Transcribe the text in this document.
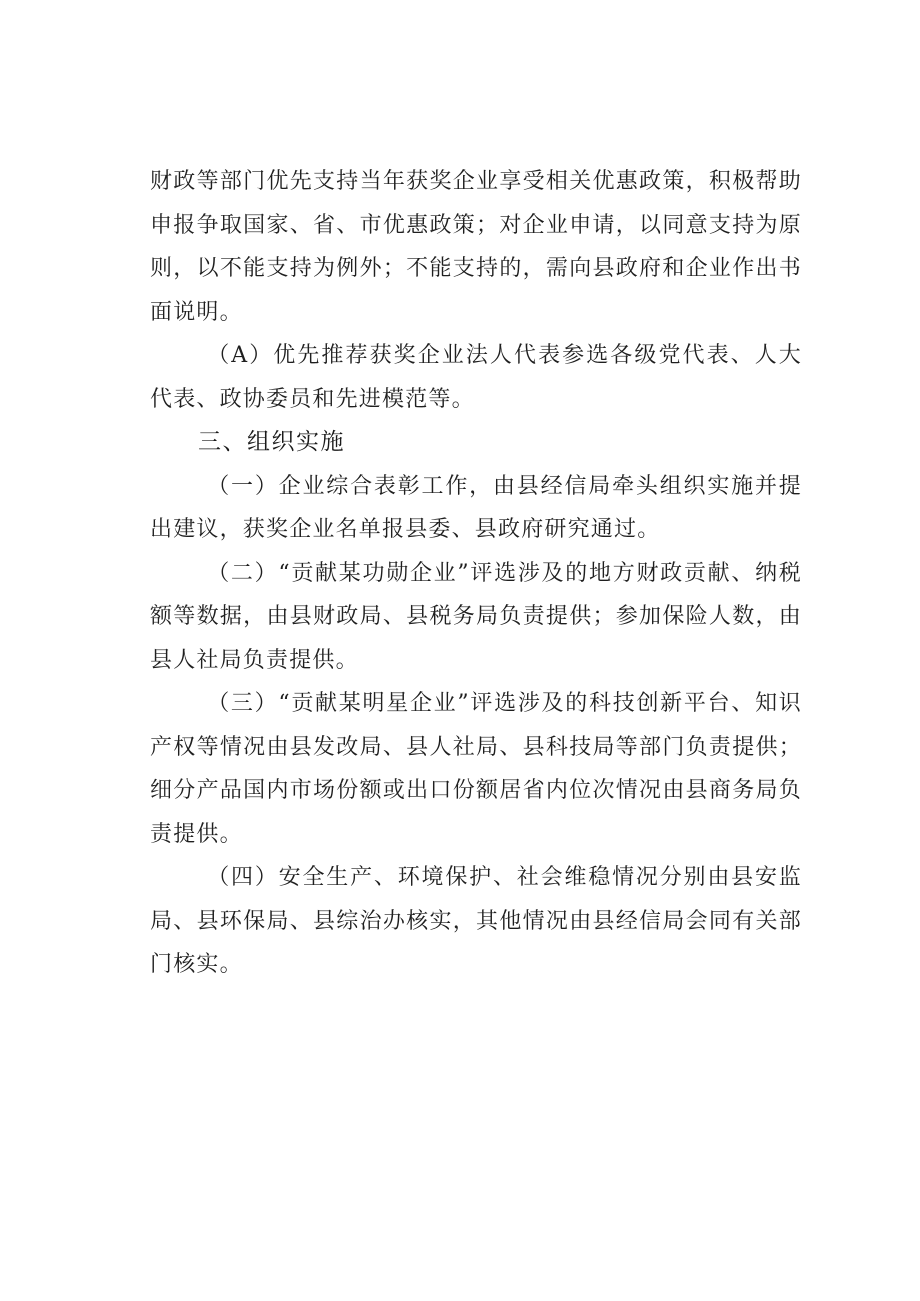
财政等部门优先支持当年获奖企业享受相关优惠政策，积极帮助申报争取国家、省、市优惠政策；对企业申请，以同意支持为原则，以不能支持为例外；不能支持的，需向县政府和企业作出书面说明。

（A）优先推荐获奖企业法人代表参选各级党代表、人大代表、政协委员和先进模范等。

三、组织实施

（一）企业综合表彰工作，由县经信局牵头组织实施并提出建议，获奖企业名单报县委、县政府研究通过。

（二）“贡献某功勋企业”评选涉及的地方财政贡献、纳税额等数据，由县财政局、县税务局负责提供；参加保险人数，由县人社局负责提供。

（三）“贡献某明星企业”评选涉及的科技创新平台、知识产权等情况由县发改局、县人社局、县科技局等部门负责提供；细分产品国内市场份额或出口份额居省内位次情况由县商务局负责提供。

（四）安全生产、环境保护、社会维稳情况分别由县安监局、县环保局、县综治办核实，其他情况由县经信局会同有关部门核实。
